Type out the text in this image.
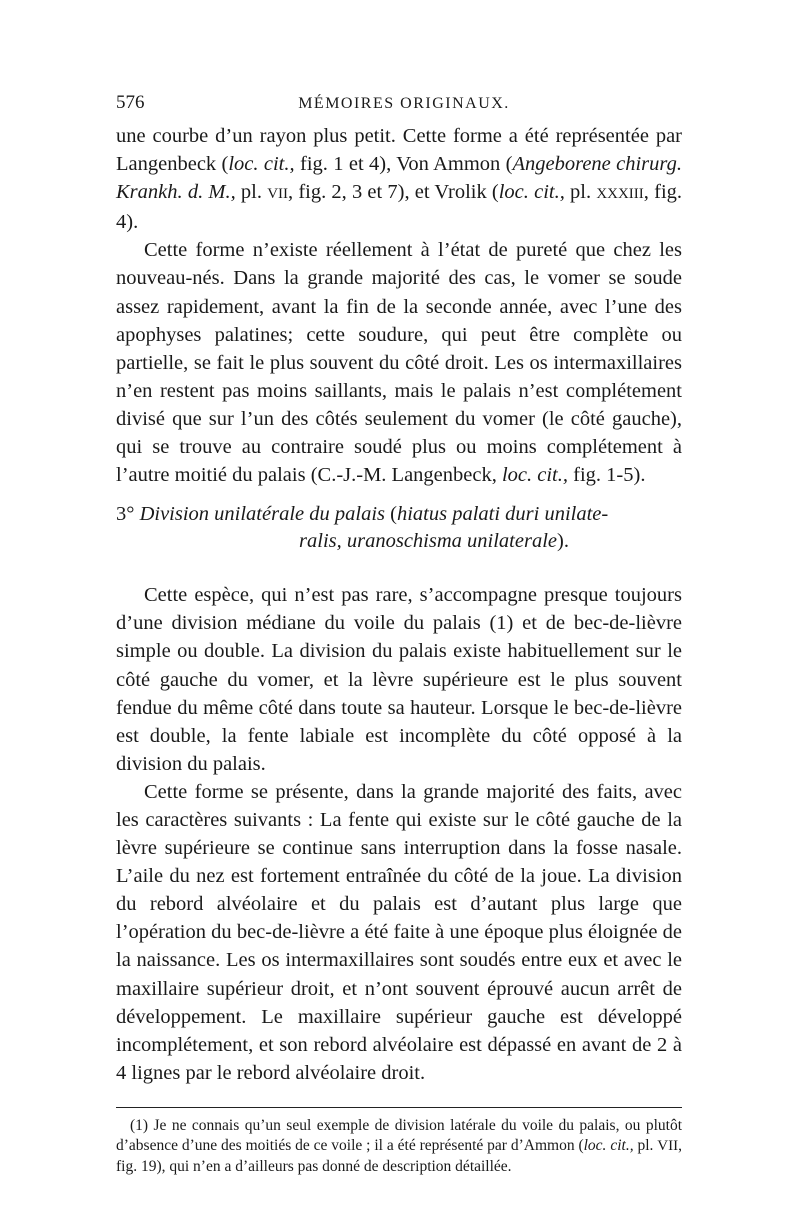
576	MÉMOIRES ORIGINAUX.

une courbe d’un rayon plus petit. Cette forme a été représentée par Langenbeck (loc. cit., fig. 1 et 4), Von Ammon (Angeborene chirurg. Krankh. d. M., pl. VII, fig. 2, 3 et 7), et Vrolik (loc. cit., pl. XXXIII, fig. 4).

Cette forme n’existe réellement à l’état de pureté que chez les nouveau-nés. Dans la grande majorité des cas, le vomer se soude assez rapidement, avant la fin de la seconde année, avec l’une des apophyses palatines; cette soudure, qui peut être complète ou partielle, se fait le plus souvent du côté droit. Les os intermaxillaires n’en restent pas moins saillants, mais le palais n’est complétement divisé que sur l’un des côtés seulement du vomer (le côté gauche), qui se trouve au contraire soudé plus ou moins complétement à l’autre moitié du palais (C.-J.-M. Langenbeck, loc. cit., fig. 1-5).

3° Division unilatérale du palais (hiatus palati duri unilate-
ralis, uranoschisma unilaterale).

Cette espèce, qui n’est pas rare, s’accompagne presque toujours d’une division médiane du voile du palais (1) et de bec-de-lièvre simple ou double. La division du palais existe habituellement sur le côté gauche du vomer, et la lèvre supérieure est le plus souvent fendue du même côté dans toute sa hauteur. Lorsque le bec-de-lièvre est double, la fente labiale est incomplète du côté opposé à la division du palais.

Cette forme se présente, dans la grande majorité des faits, avec les caractères suivants : La fente qui existe sur le côté gauche de la lèvre supérieure se continue sans interruption dans la fosse nasale. L’aile du nez est fortement entraînée du côté de la joue. La division du rebord alvéolaire et du palais est d’autant plus large que l’opération du bec-de-lièvre a été faite à une époque plus éloignée de la naissance. Les os intermaxillaires sont soudés entre eux et avec le maxillaire supérieur droit, et n’ont souvent éprouvé aucun arrêt de développement. Le maxillaire supérieur gauche est développé incomplétement, et son rebord alvéolaire est dépassé en avant de 2 à 4 lignes par le rebord alvéolaire droit.

(1) Je ne connais qu’un seul exemple de division latérale du voile du palais, ou plutôt d’absence d’une des moitiés de ce voile ; il a été représenté par d’Ammon (loc. cit., pl. VII, fig. 19), qui n’en a d’ailleurs pas donné de description détaillée.
